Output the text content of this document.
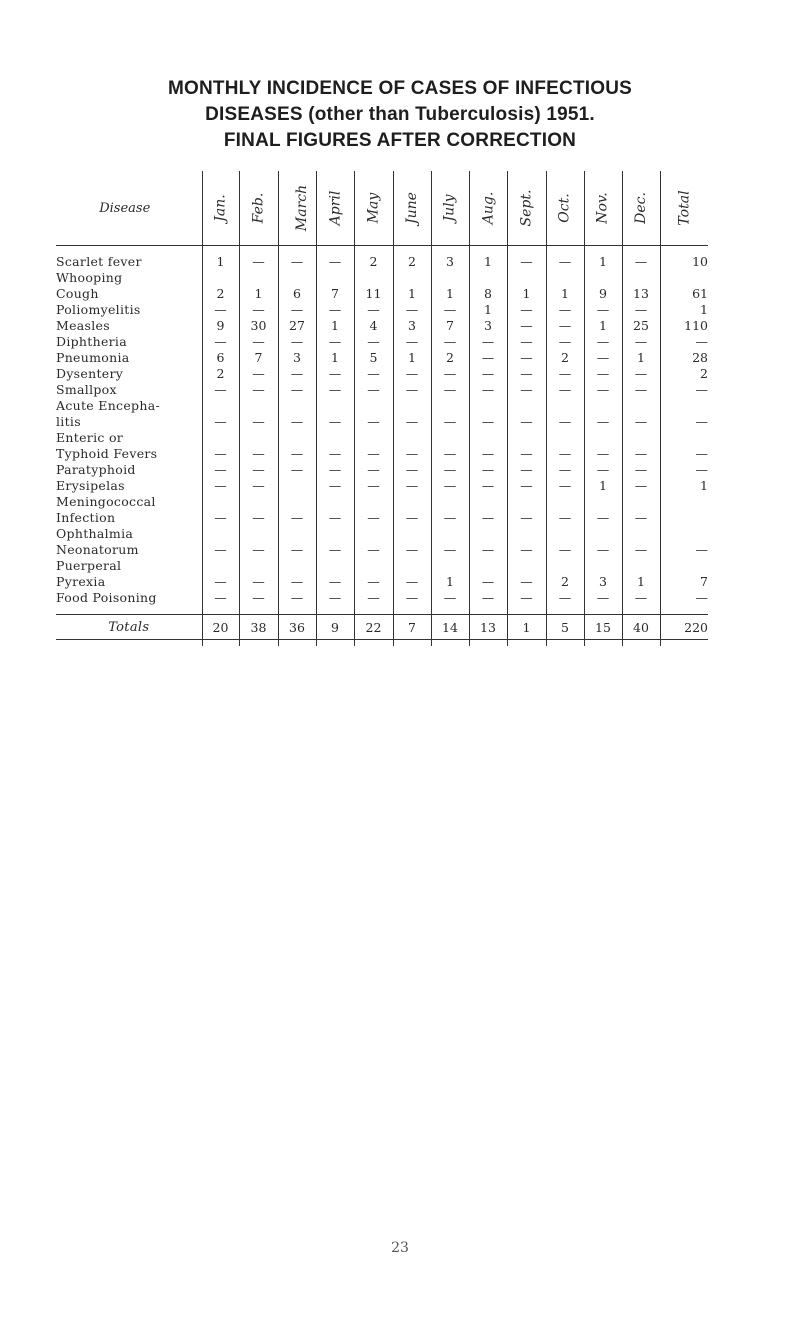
MONTHLY INCIDENCE OF CASES OF INFECTIOUS
DISEASES (other than Tuberculosis) 1951.
FINAL FIGURES AFTER CORRECTION
Disease	Jan.	Feb.	March	April	May	June	July	Aug.	Sept.	Oct.	Nov.	Dec.	Total

Scarlet fever	1	—	—	—	2	2	3	1	—	—	1	—	10
Whooping													
Cough	2	1	6	7	11	1	1	8	1	1	9	13	61
Poliomyelitis	—	—	—	—	—	—	—	1	—	—	—	—	1
Measles	9	30	27	1	4	3	7	3	—	—	1	25	110
Diphtheria	—	—	—	—	—	—	—	—	—	—	—	—	—
Pneumonia	6	7	3	1	5	1	2	—	—	2	—	1	28
Dysentery	2	—	—	—	—	—	—	—	—	—	—	—	2
Smallpox	—	—	—	—	—	—	—	—	—	—	—	—	—
Acute Encepha-													
litis	—	—	—	—	—	—	—	—	—	—	—	—	—
Enteric or													
Typhoid Fevers	—	—	—	—	—	—	—	—	—	—	—	—	—
Paratyphoid	—	—	—	—	—	—	—	—	—	—	—	—	—
Erysipelas	—	—		—	—	—	—	—	—	—	1	—	1
Meningococcal													
Infection	—	—	—	—	—	—	—	—	—	—	—	—	
Ophthalmia													
Neonatorum	—	—	—	—	—	—	—	—	—	—	—	—	—
Puerperal													
Pyrexia	—	—	—	—	—	—	1	—	—	2	3	1	7
Food Poisoning	—	—	—	—	—	—	—	—	—	—	—	—	—

Totals	20	38	36	9	22	7	14	13	1	5	15	40	220

23
